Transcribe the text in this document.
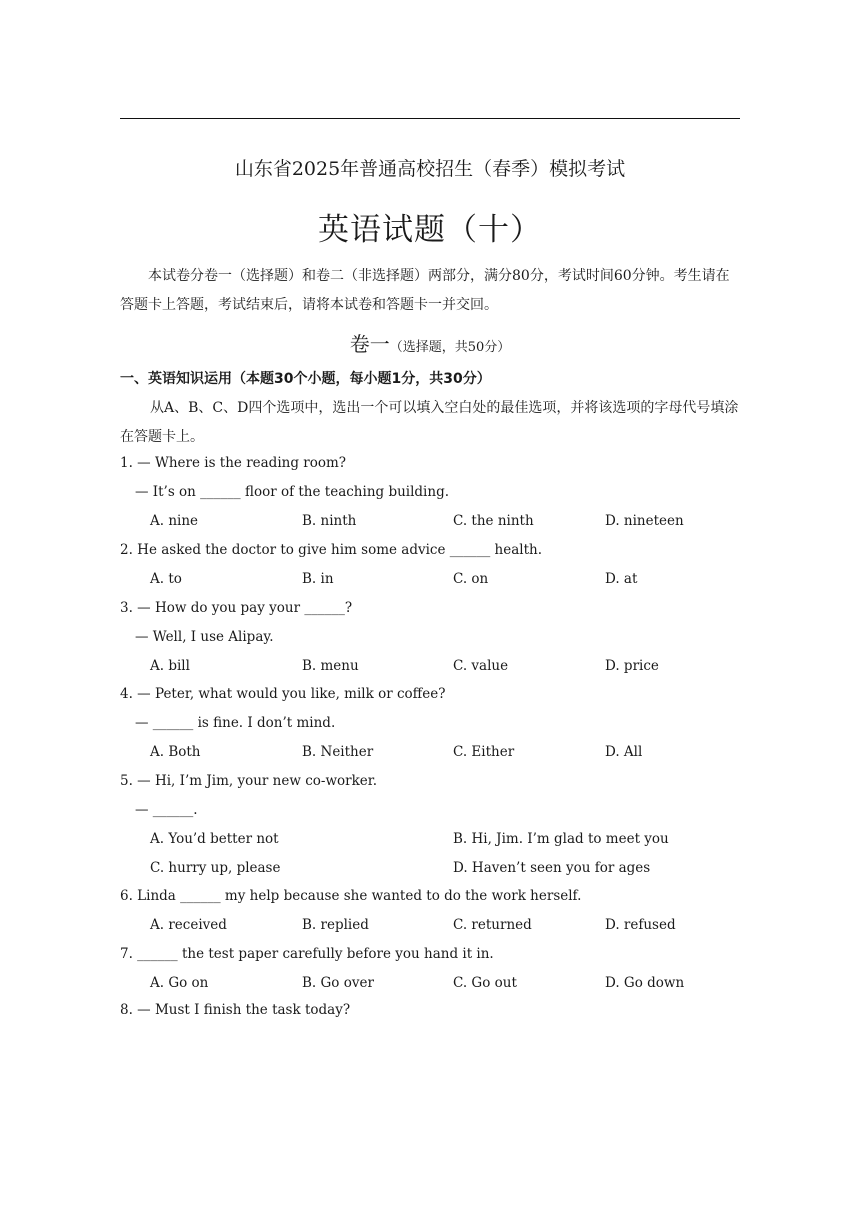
山东省2025年普通高校招生（春季）模拟考试
英语试题（十）
本试卷分卷一（选择题）和卷二（非选择题）两部分，满分80分，考试时间60分钟。考生请在答题卡上答题，考试结束后，请将本试卷和答题卡一并交回。
卷一（选择题，共50分）
一、英语知识运用（本题30个小题，每小题1分，共30分）
从A、B、C、D四个选项中，选出一个可以填入空白处的最佳选项，并将该选项的字母代号填涂在答题卡上。
1. — Where is the reading room?
— It’s on ______ floor of the teaching building.
A. nine	B. ninth	C. the ninth	D. nineteen
2. He asked the doctor to give him some advice ______ health.
A. to	B. in	C. on	D. at
3. — How do you pay your ______?
— Well, I use Alipay.
A. bill	B. menu	C. value	D. price
4. — Peter, what would you like, milk or coffee?
— ______ is fine. I don’t mind.
A. Both	B. Neither	C. Either	D. All
5. — Hi, I’m Jim, your new co-worker.
— ______.
A. You’d better not	B. Hi, Jim. I’m glad to meet you
C. hurry up, please	D. Haven’t seen you for ages
6. Linda ______ my help because she wanted to do the work herself.
A. received	B. replied	C. returned	D. refused
7. ______ the test paper carefully before you hand it in.
A. Go on	B. Go over	C. Go out	D. Go down
8. — Must I finish the task today?
